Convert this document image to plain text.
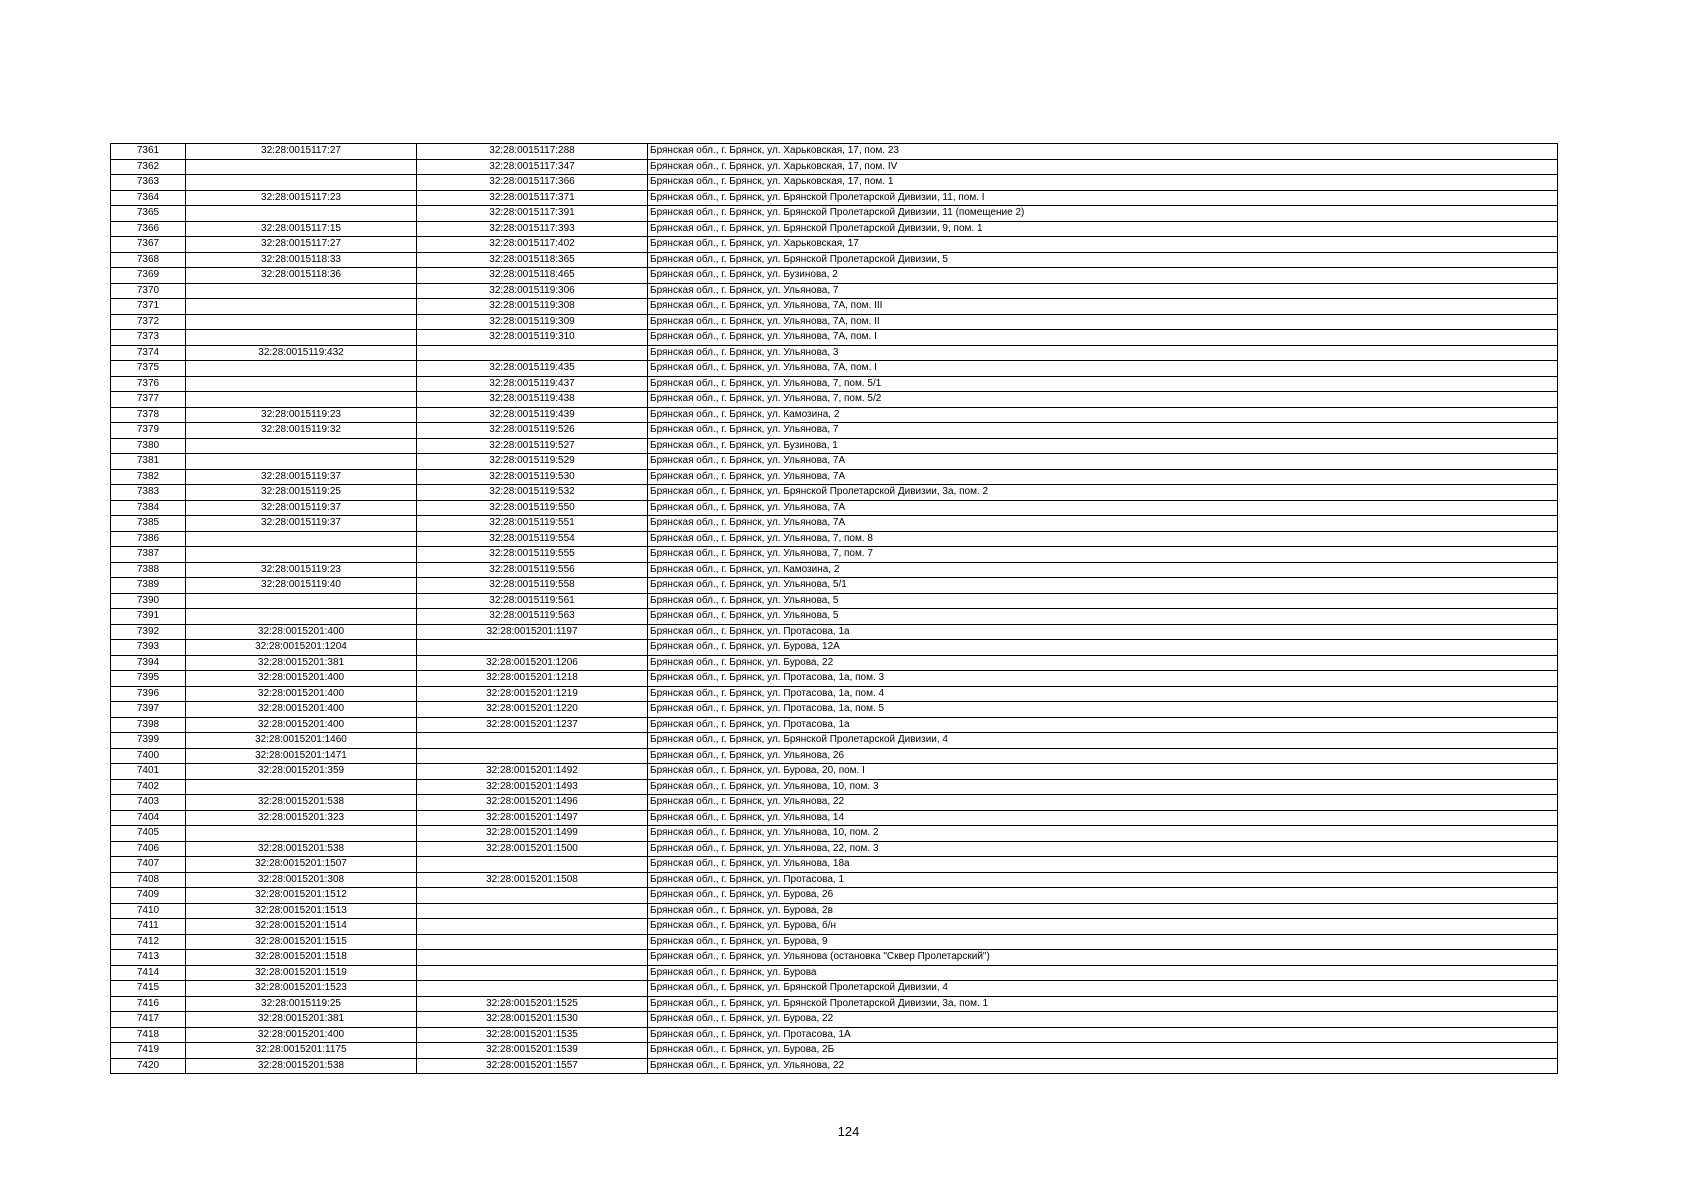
7361	32:28:0015117:27	32:28:0015117:288	Брянская обл., г. Брянск, ул. Харьковская, 17, пом. 23
7362		32:28:0015117:347	Брянская обл., г. Брянск, ул. Харьковская, 17, пом. IV
7363		32:28:0015117:366	Брянская обл., г. Брянск, ул. Харьковская, 17, пом. 1
7364	32:28:0015117:23	32:28:0015117:371	Брянская обл., г. Брянск, ул. Брянской Пролетарской Дивизии, 11, пом. I
7365		32:28:0015117:391	Брянская обл., г. Брянск, ул. Брянской Пролетарской Дивизии, 11 (помещение 2)
7366	32:28:0015117:15	32:28:0015117:393	Брянская обл., г. Брянск, ул. Брянской Пролетарской Дивизии, 9, пом. 1
7367	32:28:0015117:27	32:28:0015117:402	Брянская обл., г. Брянск, ул. Харьковская, 17
7368	32:28:0015118:33	32:28:0015118:365	Брянская обл., г. Брянск, ул. Брянской Пролетарской Дивизии, 5
7369	32:28:0015118:36	32:28:0015118:465	Брянская обл., г. Брянск, ул. Бузинова, 2
7370		32:28:0015119:306	Брянская обл., г. Брянск, ул. Ульянова, 7
7371		32:28:0015119:308	Брянская обл., г. Брянск, ул. Ульянова, 7А, пом. III
7372		32:28:0015119:309	Брянская обл., г. Брянск, ул. Ульянова, 7А, пом. II
7373		32:28:0015119:310	Брянская обл., г. Брянск, ул. Ульянова, 7А, пом. I
7374	32:28:0015119:432		Брянская обл., г. Брянск, ул. Ульянова, 3
7375		32:28:0015119:435	Брянская обл., г. Брянск, ул. Ульянова, 7А, пом. I
7376		32:28:0015119:437	Брянская обл., г. Брянск, ул. Ульянова, 7, пом. 5/1
7377		32:28:0015119:438	Брянская обл., г. Брянск, ул. Ульянова, 7, пом. 5/2
7378	32:28:0015119:23	32:28:0015119:439	Брянская обл., г. Брянск, ул. Камозина, 2
7379	32:28:0015119:32	32:28:0015119:526	Брянская обл., г. Брянск, ул. Ульянова, 7
7380		32:28:0015119:527	Брянская обл., г. Брянск, ул. Бузинова, 1
7381		32:28:0015119:529	Брянская обл., г. Брянск, ул. Ульянова, 7А
7382	32:28:0015119:37	32:28:0015119:530	Брянская обл., г. Брянск, ул. Ульянова, 7А
7383	32:28:0015119:25	32:28:0015119:532	Брянская обл., г. Брянск, ул. Брянской Пролетарской Дивизии, 3а, пом. 2
7384	32:28:0015119:37	32:28:0015119:550	Брянская обл., г. Брянск, ул. Ульянова, 7А
7385	32:28:0015119:37	32:28:0015119:551	Брянская обл., г. Брянск, ул. Ульянова, 7А
7386		32:28:0015119:554	Брянская обл., г. Брянск, ул. Ульянова, 7, пом. 8
7387		32:28:0015119:555	Брянская обл., г. Брянск, ул. Ульянова, 7, пом. 7
7388	32:28:0015119:23	32:28:0015119:556	Брянская обл., г. Брянск, ул. Камозина, 2
7389	32:28:0015119:40	32:28:0015119:558	Брянская обл., г. Брянск, ул. Ульянова, 5/1
7390		32:28:0015119:561	Брянская обл., г. Брянск, ул. Ульянова, 5
7391		32:28:0015119:563	Брянская обл., г. Брянск, ул. Ульянова, 5
7392	32:28:0015201:400	32:28:0015201:1197	Брянская обл., г. Брянск, ул. Протасова, 1а
7393	32:28:0015201:1204		Брянская обл., г. Брянск, ул. Бурова, 12А
7394	32:28:0015201:381	32:28:0015201:1206	Брянская обл., г. Брянск, ул. Бурова, 22
7395	32:28:0015201:400	32:28:0015201:1218	Брянская обл., г. Брянск, ул. Протасова, 1а, пом. 3
7396	32:28:0015201:400	32:28:0015201:1219	Брянская обл., г. Брянск, ул. Протасова, 1а, пом. 4
7397	32:28:0015201:400	32:28:0015201:1220	Брянская обл., г. Брянск, ул. Протасова, 1а, пом. 5
7398	32:28:0015201:400	32:28:0015201:1237	Брянская обл., г. Брянск, ул. Протасова, 1а
7399	32:28:0015201:1460		Брянская обл., г. Брянск, ул. Брянской Пролетарской Дивизии, 4
7400	32:28:0015201:1471		Брянская обл., г. Брянск, ул. Ульянова, 26
7401	32:28:0015201:359	32:28:0015201:1492	Брянская обл., г. Брянск, ул. Бурова, 20, пом. I
7402		32:28:0015201:1493	Брянская обл., г. Брянск, ул. Ульянова, 10, пом. 3
7403	32:28:0015201:538	32:28:0015201:1496	Брянская обл., г. Брянск, ул. Ульянова, 22
7404	32:28:0015201:323	32:28:0015201:1497	Брянская обл., г. Брянск, ул. Ульянова, 14
7405		32:28:0015201:1499	Брянская обл., г. Брянск, ул. Ульянова, 10, пом. 2
7406	32:28:0015201:538	32:28:0015201:1500	Брянская обл., г. Брянск, ул. Ульянова, 22, пом. 3
7407	32:28:0015201:1507		Брянская обл., г. Брянск, ул. Ульянова, 18а
7408	32:28:0015201:308	32:28:0015201:1508	Брянская обл., г. Брянск, ул. Протасова, 1
7409	32:28:0015201:1512		Брянская обл., г. Брянск, ул. Бурова, 26
7410	32:28:0015201:1513		Брянская обл., г. Брянск, ул. Бурова, 2в
7411	32:28:0015201:1514		Брянская обл., г. Брянск, ул. Бурова, б/н
7412	32:28:0015201:1515		Брянская обл., г. Брянск, ул. Бурова, 9
7413	32:28:0015201:1518		Брянская обл., г. Брянск, ул. Ульянова (остановка "Сквер Пролетарский")
7414	32:28:0015201:1519		Брянская обл., г. Брянск, ул. Бурова
7415	32:28:0015201:1523		Брянская обл., г. Брянск, ул. Брянской Пролетарской Дивизии, 4
7416	32:28:0015119:25	32:28:0015201:1525	Брянская обл., г. Брянск, ул. Брянской Пролетарской Дивизии, 3а, пом. 1
7417	32:28:0015201:381	32:28:0015201:1530	Брянская обл., г. Брянск, ул. Бурова, 22
7418	32:28:0015201:400	32:28:0015201:1535	Брянская обл., г. Брянск, ул. Протасова, 1А
7419	32:28:0015201:1175	32:28:0015201:1539	Брянская обл., г. Брянск, ул. Бурова, 2Б
7420	32:28:0015201:538	32:28:0015201:1557	Брянская обл., г. Брянск, ул. Ульянова, 22
124
